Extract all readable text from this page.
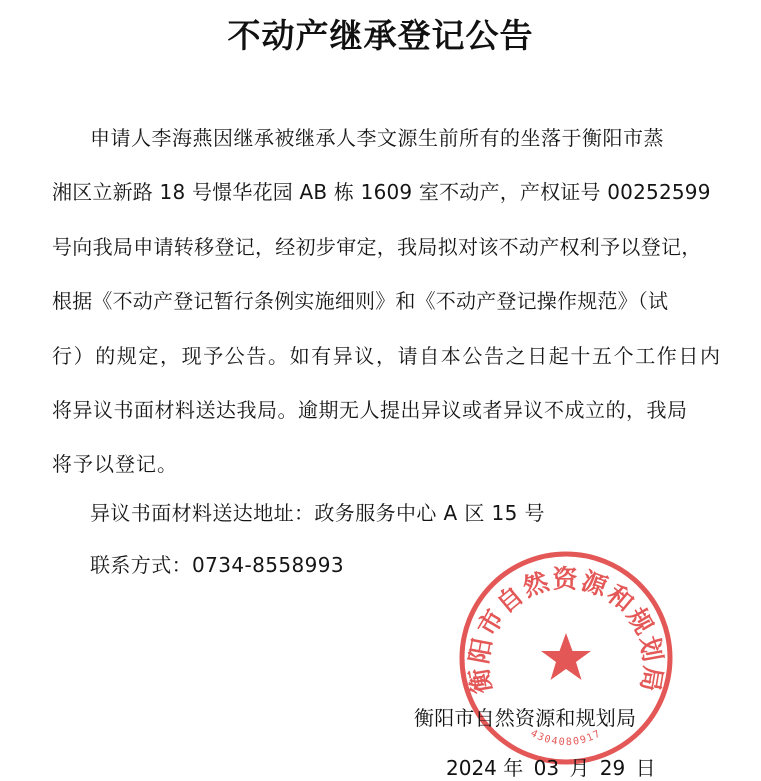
不动产继承登记公告
申请人李海燕因继承被继承人李文源生前所有的坐落于衡阳市蒸
湘区立新路 18 号憬华花园 AB 栋 1609 室不动产，产权证号 00252599
号向我局申请转移登记，经初步审定，我局拟对该不动产权利予以登记，
根据《不动产登记暂行条例实施细则》和《不动产登记操作规范》（试
行）的规定，现予公告。如有异议，请自本公告之日起十五个工作日内
将异议书面材料送达我局。逾期无人提出异议或者异议不成立的，我局
将予以登记。
异议书面材料送达地址：政务服务中心 A 区 15 号
联系方式：0734-8558993
衡阳市自然资源和规划局
4304080917
衡阳市自然资源和规划局
2024 年 03 月 29 日
